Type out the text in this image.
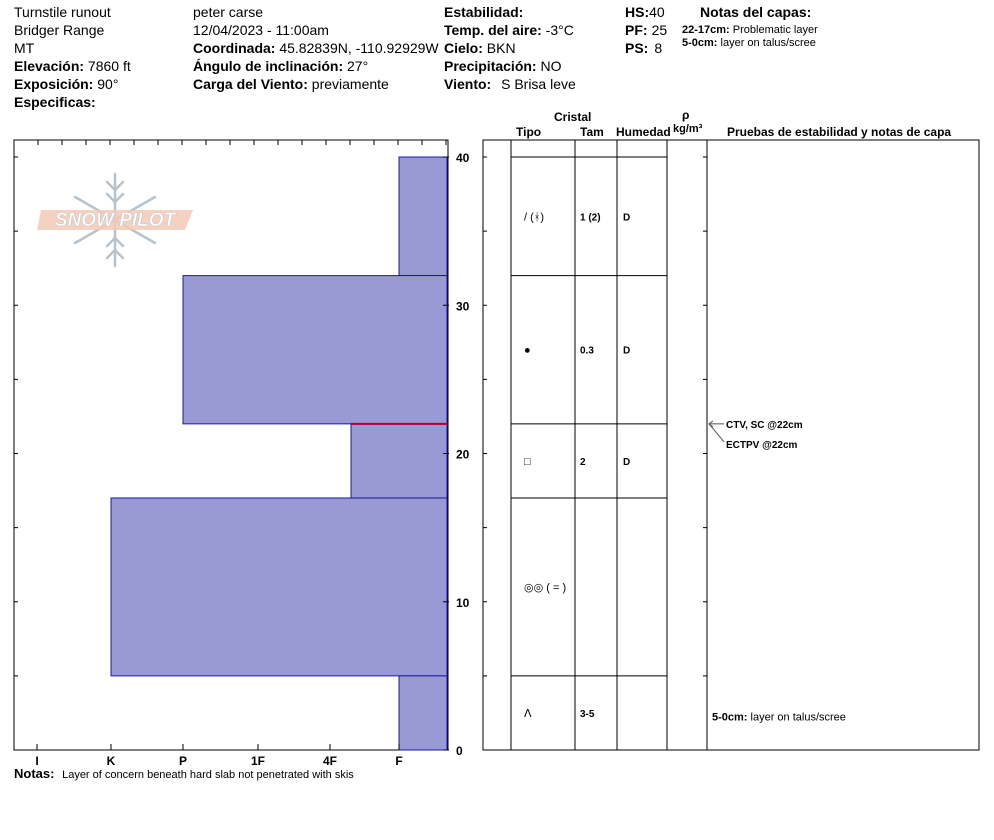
Turnstile runout
Bridger Range
MT
Elevación: 7860 ft
Exposición: 90°
Especificas:
peter carse
12/04/2023 - 11:00am
Coordinada: 45.82839N, -110.92929W
Ángulo de inclinación: 27°
Carga del Viento: previamente
Estabilidad:
Temp. del aire: -3°C
Cielo: BKN
Precipitación: NO
Viento: S Brisa leve
HS:40
PF: 25
PS: 8
Notas del capas:
22-17cm: Problematic layer
5-0cm: layer on talus/scree
Cristal
Tipo	Tam Humedad
ρ
kg/m³ Pruebas de estabilidad y notas de capa
SNOW PILOT
40
30
20
10
0
I	K	P	1F	4F	F
/ (ᚼ)	1 (2) D
●	0.3	D
□	2	D
◎◎ ( = )
ᐱ	3-5
CTV, SC @22cm
ECTPV @22cm
5-0cm: layer on talus/scree
Notas: Layer of concern beneath hard slab not penetrated with skis
